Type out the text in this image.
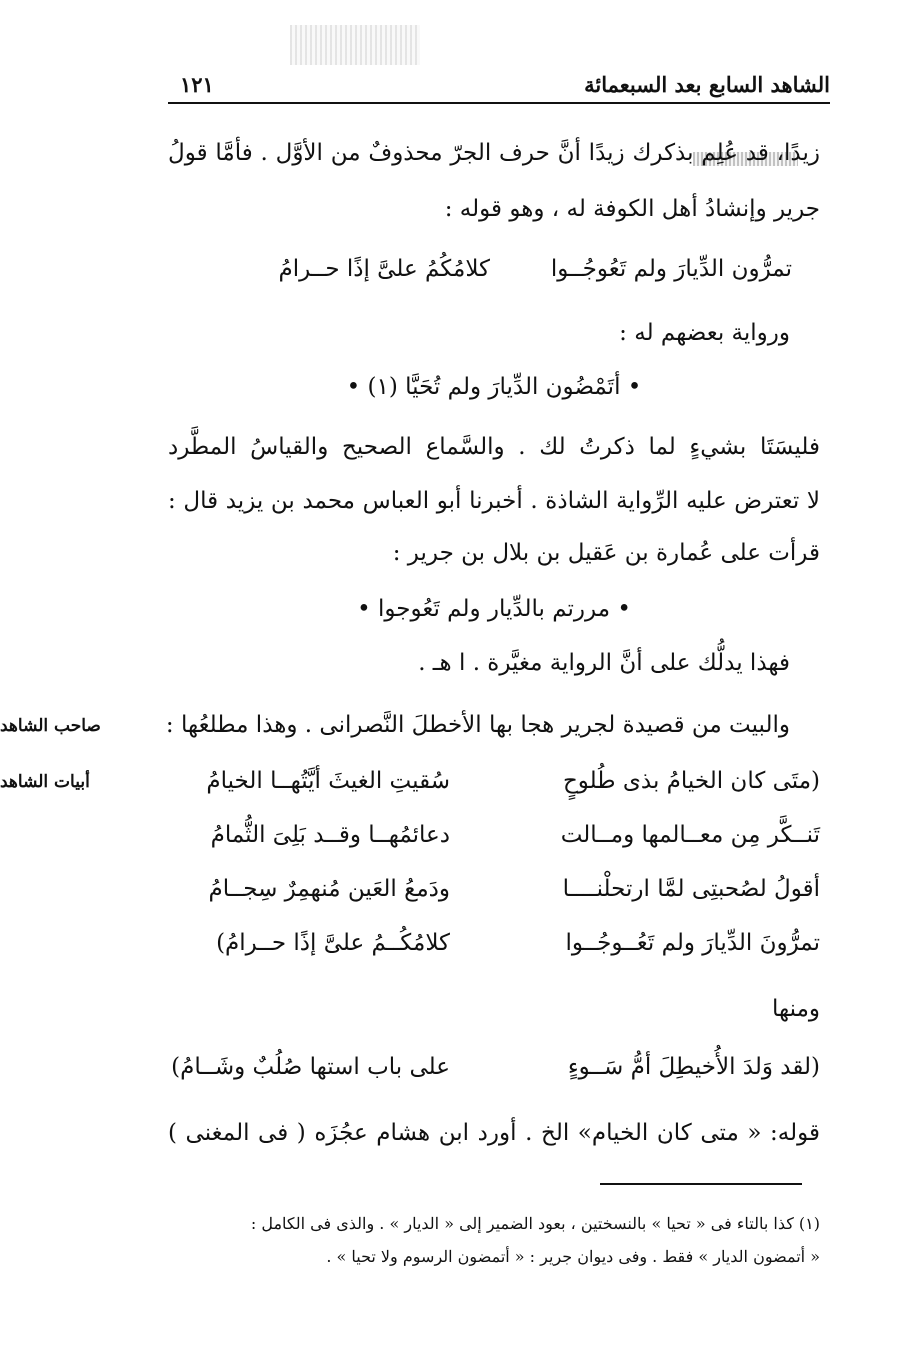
الشاهد السابع بعد السبعمائة
١٢١
زيدًا، قد عُلِم بذكرك زيدًا أنَّ حرف الجرّ محذوفٌ من الأوَّل . فأمَّا قولُ
جرير وإنشادُ أهل الكوفة له ، وهو قوله :
تمرُّون الدِّيارَ ولم تَعُوجُــوا
كلامُكُمُ علىَّ إذًا حــرامُ
ورواية بعضهم له :
• أتَمْضُون الدِّيارَ ولم تُحَيَّا (١) •
فليسَتَا بشيءٍ لما ذكرتُ لك . والسَّماع الصحيح والقياسُ المطَّرد
لا تعترض عليه الرِّواية الشاذة . أخبرنا أبو العباس محمد بن يزيد قال :
قرأت على عُمارة بن عَقيل بن بلال بن جرير :
• مررتم بالدِّيار ولم تَعُوجوا •
فهذا يدلُّك على أنَّ الرواية مغيَّرة . ا هـ .
والبيت من قصيدة لجرير هجا بها الأخطلَ النَّصرانى . وهذا مطلعُها :
صاحب الشاهد
(متَى كان الخيامُ بذى طُلوحٍ
سُقيتِ الغيثَ أيَّتُهــا الخيامُ
أبيات الشاهد
تَنــكَّر مِن معــالمها ومــالت
دعائمُهــا وقــد بَلِىَ الثُّمامُ
أقولُ لصُحبتِى لمَّا ارتحلْنــــا
ودَمعُ العَين مُنهمِرٌ سِجــامُ
تمرُّونَ الدِّيارَ ولم تَعُــوجُــوا
كلامُكُــمُ علىَّ إذًا حــرامُ)
ومنها
(لقد وَلدَ الأُخيطِلَ أمُّ سَــوءٍ
على باب استها صُلُبٌ وشَــامُ)
قوله: « متى كان الخيام» الخ . أورد ابن هشام عجُزَه ( فى المغنى )
(١) كذا بالتاء فى « تحيا » بالنسختين ، بعود الضمير إلى « الديار » . والذى فى الكامل :
« أتمضون الديار » فقط . وفى ديوان جرير : « أتمضون الرسوم ولا تحيا » .
